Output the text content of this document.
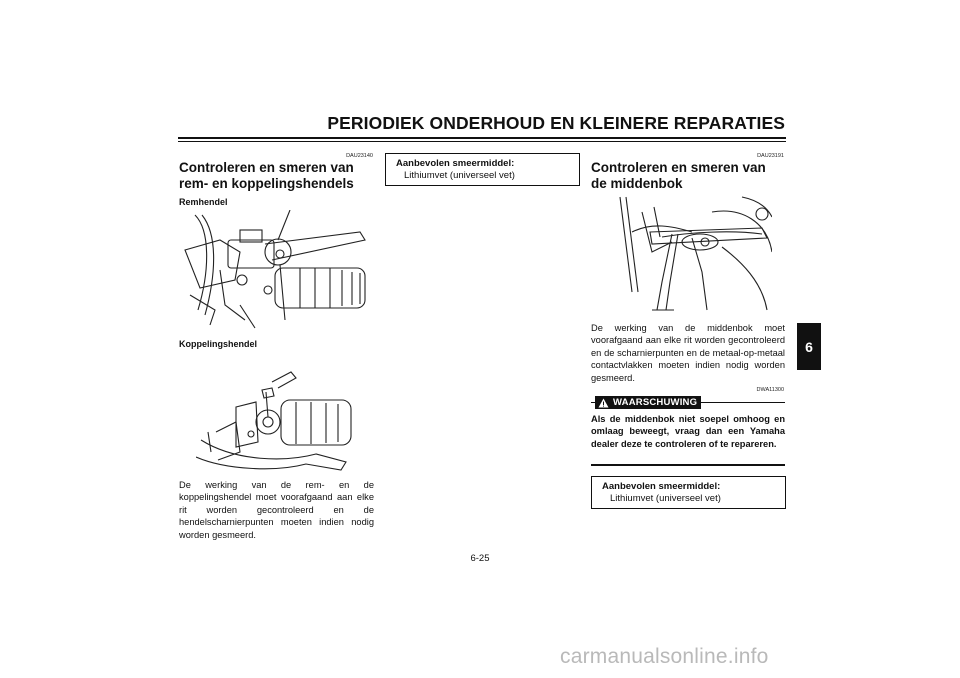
PERIODIEK ONDERHOUD EN KLEINERE REPARATIES
6
DAU23140
Controleren en smeren van rem- en koppelingshendels
Remhendel
Koppelingshendel

De werking van de rem- en de koppelingshendel moet voorafgaand aan elke rit worden gecontroleerd en de hendelscharnierpunten moeten indien nodig worden gesmeerd.

Aanbevolen smeermiddel:
Lithiumvet (universeel vet)
DAU23191
Controleren en smeren van de middenbok

De werking van de middenbok moet voorafgaand aan elke rit worden gecontroleerd en de scharnierpunten en de metaal-op-metaal contactvlakken moeten indien nodig worden gesmeerd.

DWA11300
WAARSCHUWING

Als de middenbok niet soepel omhoog en omlaag beweegt, vraag dan een Yamaha dealer deze te controleren of te repareren.

Aanbevolen smeermiddel:
Lithiumvet (universeel vet)
6-25
carmanualsonline.info
